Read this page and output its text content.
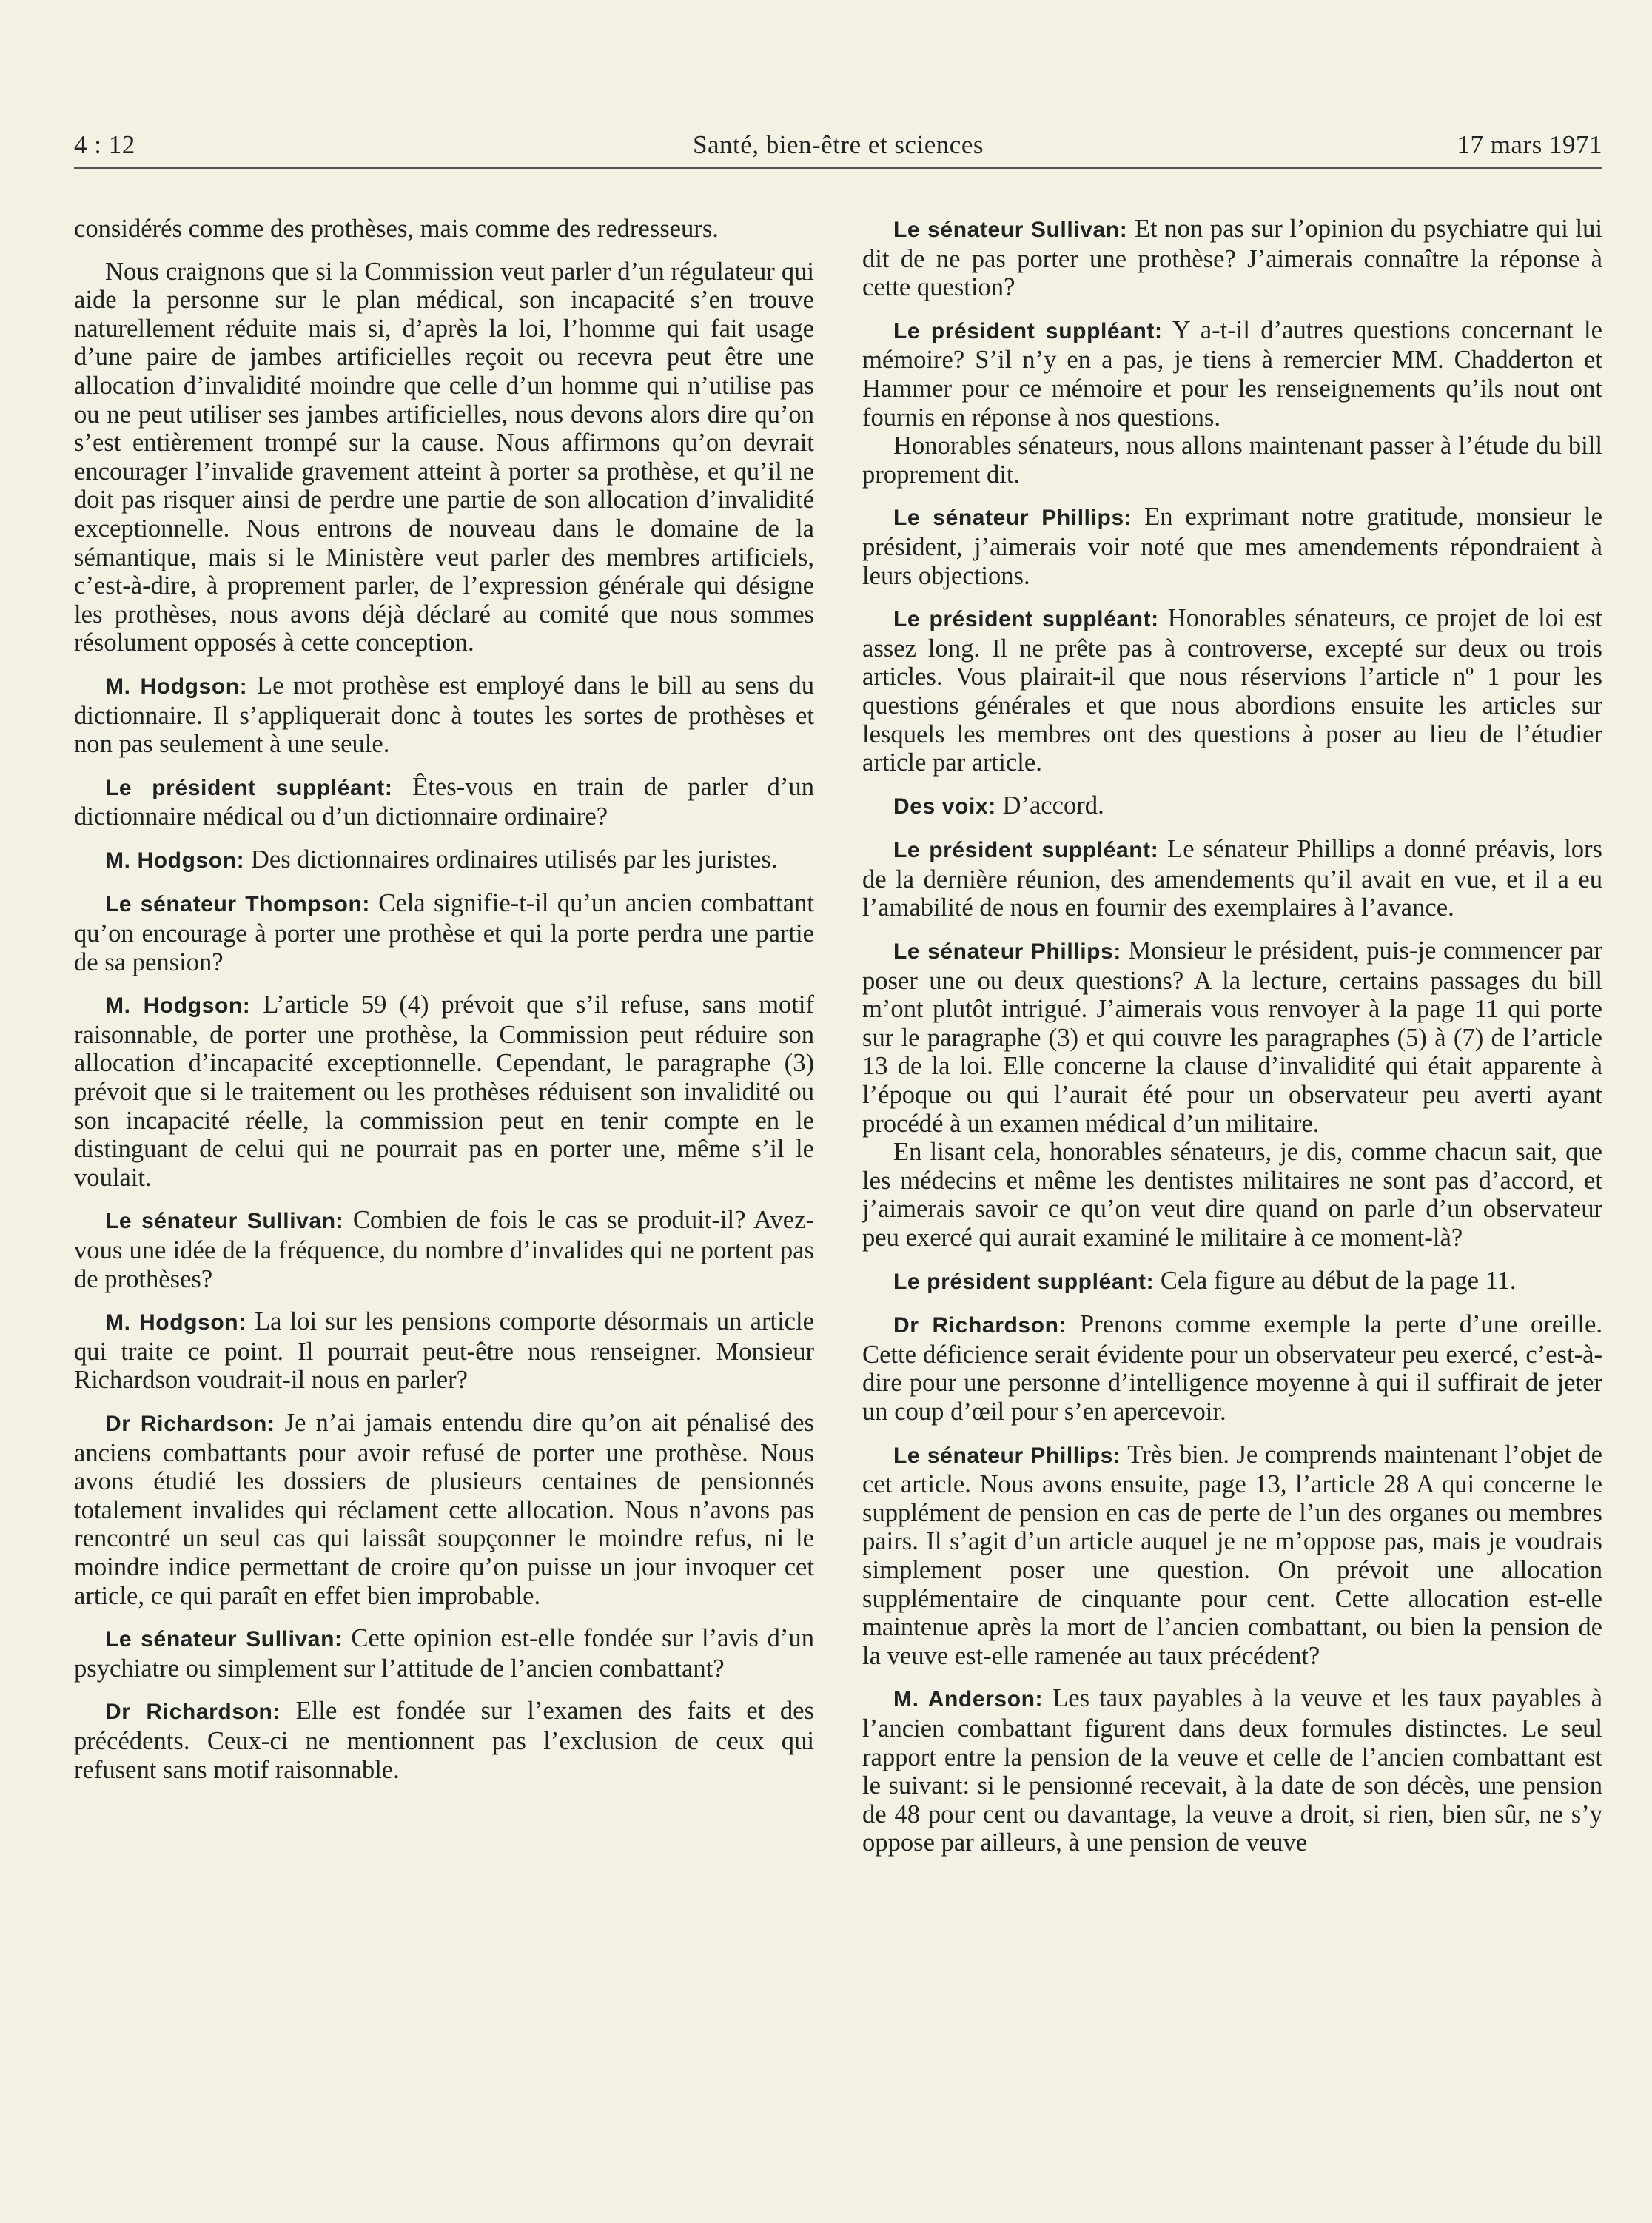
4 : 12	Santé, bien-être et sciences	17 mars 1971

considérés comme des prothèses, mais comme des redresseurs.

Nous craignons que si la Commission veut parler d’un régulateur qui aide la personne sur le plan médical, son incapacité s’en trouve naturellement réduite mais si, d’après la loi, l’homme qui fait usage d’une paire de jambes artificielles reçoit ou recevra peut être une allocation d’invalidité moindre que celle d’un homme qui n’utilise pas ou ne peut utiliser ses jambes artificielles, nous devons alors dire qu’on s’est entièrement trompé sur la cause. Nous affirmons qu’on devrait encourager l’invalide gravement atteint à porter sa prothèse, et qu’il ne doit pas risquer ainsi de perdre une partie de son allocation d’invalidité exceptionnelle. Nous entrons de nouveau dans le domaine de la sémantique, mais si le Ministère veut parler des membres artificiels, c’est-à-dire, à proprement parler, de l’expression générale qui désigne les prothèses, nous avons déjà déclaré au comité que nous sommes résolument opposés à cette conception.

M. Hodgson: Le mot prothèse est employé dans le bill au sens du dictionnaire. Il s’appliquerait donc à toutes les sortes de prothèses et non pas seulement à une seule.

Le président suppléant: Êtes-vous en train de parler d’un dictionnaire médical ou d’un dictionnaire ordinaire?

M. Hodgson: Des dictionnaires ordinaires utilisés par les juristes.

Le sénateur Thompson: Cela signifie-t-il qu’un ancien combattant qu’on encourage à porter une prothèse et qui la porte perdra une partie de sa pension?

M. Hodgson: L’article 59 (4) prévoit que s’il refuse, sans motif raisonnable, de porter une prothèse, la Commission peut réduire son allocation d’incapacité exceptionnelle. Cependant, le paragraphe (3) prévoit que si le traitement ou les prothèses réduisent son invalidité ou son incapacité réelle, la commission peut en tenir compte en le distinguant de celui qui ne pourrait pas en porter une, même s’il le voulait.

Le sénateur Sullivan: Combien de fois le cas se produit-il? Avez-vous une idée de la fréquence, du nombre d’invalides qui ne portent pas de prothèses?

M. Hodgson: La loi sur les pensions comporte désormais un article qui traite ce point. Il pourrait peut-être nous renseigner. Monsieur Richardson voudrait-il nous en parler?

Dr Richardson: Je n’ai jamais entendu dire qu’on ait pénalisé des anciens combattants pour avoir refusé de porter une prothèse. Nous avons étudié les dossiers de plusieurs centaines de pensionnés totalement invalides qui réclament cette allocation. Nous n’avons pas rencontré un seul cas qui laissât soupçonner le moindre refus, ni le moindre indice permettant de croire qu’on puisse un jour invoquer cet article, ce qui paraît en effet bien improbable.

Le sénateur Sullivan: Cette opinion est-elle fondée sur l’avis d’un psychiatre ou simplement sur l’attitude de l’ancien combattant?

Dr Richardson: Elle est fondée sur l’examen des faits et des précédents. Ceux-ci ne mentionnent pas l’exclusion de ceux qui refusent sans motif raisonnable.

Le sénateur Sullivan: Et non pas sur l’opinion du psychiatre qui lui dit de ne pas porter une prothèse? J’aimerais connaître la réponse à cette question?

Le président suppléant: Y a-t-il d’autres questions concernant le mémoire? S’il n’y en a pas, je tiens à remercier MM. Chadderton et Hammer pour ce mémoire et pour les renseignements qu’ils nout ont fournis en réponse à nos questions.

Honorables sénateurs, nous allons maintenant passer à l’étude du bill proprement dit.

Le sénateur Phillips: En exprimant notre gratitude, monsieur le président, j’aimerais voir noté que mes amendements répondraient à leurs objections.

Le président suppléant: Honorables sénateurs, ce projet de loi est assez long. Il ne prête pas à controverse, excepté sur deux ou trois articles. Vous plairait-il que nous réservions l’article nº 1 pour les questions générales et que nous abordions ensuite les articles sur lesquels les membres ont des questions à poser au lieu de l’étudier article par article.

Des voix: D’accord.

Le président suppléant: Le sénateur Phillips a donné préavis, lors de la dernière réunion, des amendements qu’il avait en vue, et il a eu l’amabilité de nous en fournir des exemplaires à l’avance.

Le sénateur Phillips: Monsieur le président, puis-je commencer par poser une ou deux questions? A la lecture, certains passages du bill m’ont plutôt intrigué. J’aimerais vous renvoyer à la page 11 qui porte sur le paragraphe (3) et qui couvre les paragraphes (5) à (7) de l’article 13 de la loi. Elle concerne la clause d’invalidité qui était apparente à l’époque ou qui l’aurait été pour un observateur peu averti ayant procédé à un examen médical d’un militaire.

En lisant cela, honorables sénateurs, je dis, comme chacun sait, que les médecins et même les dentistes militaires ne sont pas d’accord, et j’aimerais savoir ce qu’on veut dire quand on parle d’un observateur peu exercé qui aurait examiné le militaire à ce moment-là?

Le président suppléant: Cela figure au début de la page 11.

Dr Richardson: Prenons comme exemple la perte d’une oreille. Cette déficience serait évidente pour un observateur peu exercé, c’est-à-dire pour une personne d’intelligence moyenne à qui il suffirait de jeter un coup d’œil pour s’en apercevoir.

Le sénateur Phillips: Très bien. Je comprends maintenant l’objet de cet article. Nous avons ensuite, page 13, l’article 28 A qui concerne le supplément de pension en cas de perte de l’un des organes ou membres pairs. Il s’agit d’un article auquel je ne m’oppose pas, mais je voudrais simplement poser une question. On prévoit une allocation supplémentaire de cinquante pour cent. Cette allocation est-elle maintenue après la mort de l’ancien combattant, ou bien la pension de la veuve est-elle ramenée au taux précédent?

M. Anderson: Les taux payables à la veuve et les taux payables à l’ancien combattant figurent dans deux formules distinctes. Le seul rapport entre la pension de la veuve et celle de l’ancien combattant est le suivant: si le pensionné recevait, à la date de son décès, une pension de 48 pour cent ou davantage, la veuve a droit, si rien, bien sûr, ne s’y oppose par ailleurs, à une pension de veuve
